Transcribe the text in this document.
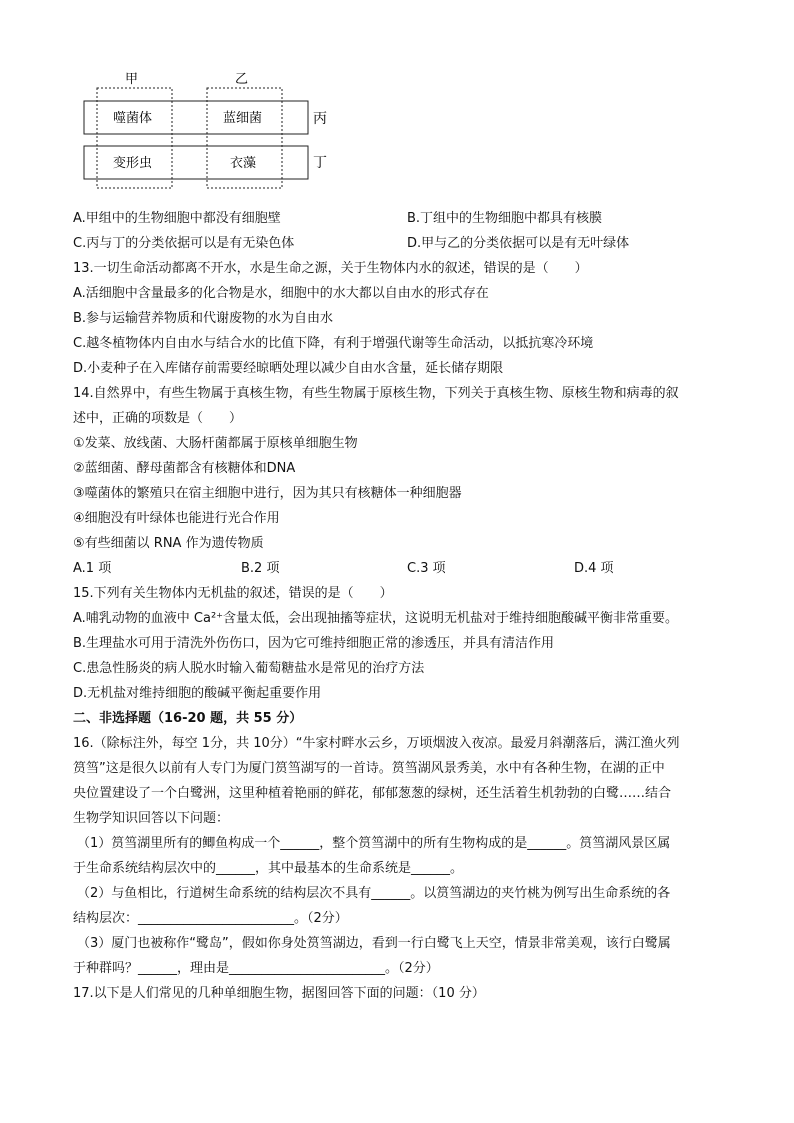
甲	乙
丙
丁
噬菌体	蓝细菌
变形虫	衣藻
A.甲组中的生物细胞中都没有细胞壁	B.丁组中的生物细胞中都具有核膜
C.丙与丁的分类依据可以是有无染色体	D.甲与乙的分类依据可以是有无叶绿体
13.一切生命活动都离不开水，水是生命之源，关于生物体内水的叙述，错误的是（　　）
A.活细胞中含量最多的化合物是水，细胞中的水大都以自由水的形式存在
B.参与运输营养物质和代谢废物的水为自由水
C.越冬植物体内自由水与结合水的比值下降，有利于增强代谢等生命活动，以抵抗寒冷环境
D.小麦种子在入库储存前需要经晾晒处理以减少自由水含量，延长储存期限
14.自然界中，有些生物属于真核生物，有些生物属于原核生物，下列关于真核生物、原核生物和病毒的叙
述中，正确的项数是（　　）
①发菜、放线菌、大肠杆菌都属于原核单细胞生物
②蓝细菌、酵母菌都含有核糖体和DNA
③噬菌体的繁殖只在宿主细胞中进行，因为其只有核糖体一种细胞器
④细胞没有叶绿体也能进行光合作用
⑤有些细菌以 RNA 作为遗传物质
A.1 项	B.2 项	C.3 项	D.4 项
15.下列有关生物体内无机盐的叙述，错误的是（　　）
A.哺乳动物的血液中 Ca²⁺含量太低，会出现抽搐等症状，这说明无机盐对于维持细胞酸碱平衡非常重要。
B.生理盐水可用于清洗外伤伤口，因为它可维持细胞正常的渗透压，并具有清洁作用
C.患急性肠炎的病人脱水时输入葡萄糖盐水是常见的治疗方法
D.无机盐对维持细胞的酸碱平衡起重要作用
二、非选择题（16-20 题，共 55 分）
16.（除标注外，每空 1分，共 10分）“牛家村畔水云乡，万顷烟波入夜凉。最爱月斜潮落后，满江渔火列
筼筜”这是很久以前有人专门为厦门筼筜湖写的一首诗。筼筜湖风景秀美，水中有各种生物，在湖的正中
央位置建设了一个白鹭洲，这里种植着艳丽的鲜花，郁郁葱葱的绿树，还生活着生机勃勃的白鹭……结合
生物学知识回答以下问题：
（1）筼筜湖里所有的鲫鱼构成一个______，整个筼筜湖中的所有生物构成的是______。筼筜湖风景区属
于生命系统结构层次中的______，其中最基本的生命系统是______。
（2）与鱼相比，行道树生命系统的结构层次不具有______。以筼筜湖边的夹竹桃为例写出生命系统的各
结构层次：________________________。（2分）
（3）厦门也被称作“鹭岛”，假如你身处筼筜湖边，看到一行白鹭飞上天空，情景非常美观，该行白鹭属
于种群吗？______，理由是________________________。（2分）
17.以下是人们常见的几种单细胞生物，据图回答下面的问题：（10 分）
